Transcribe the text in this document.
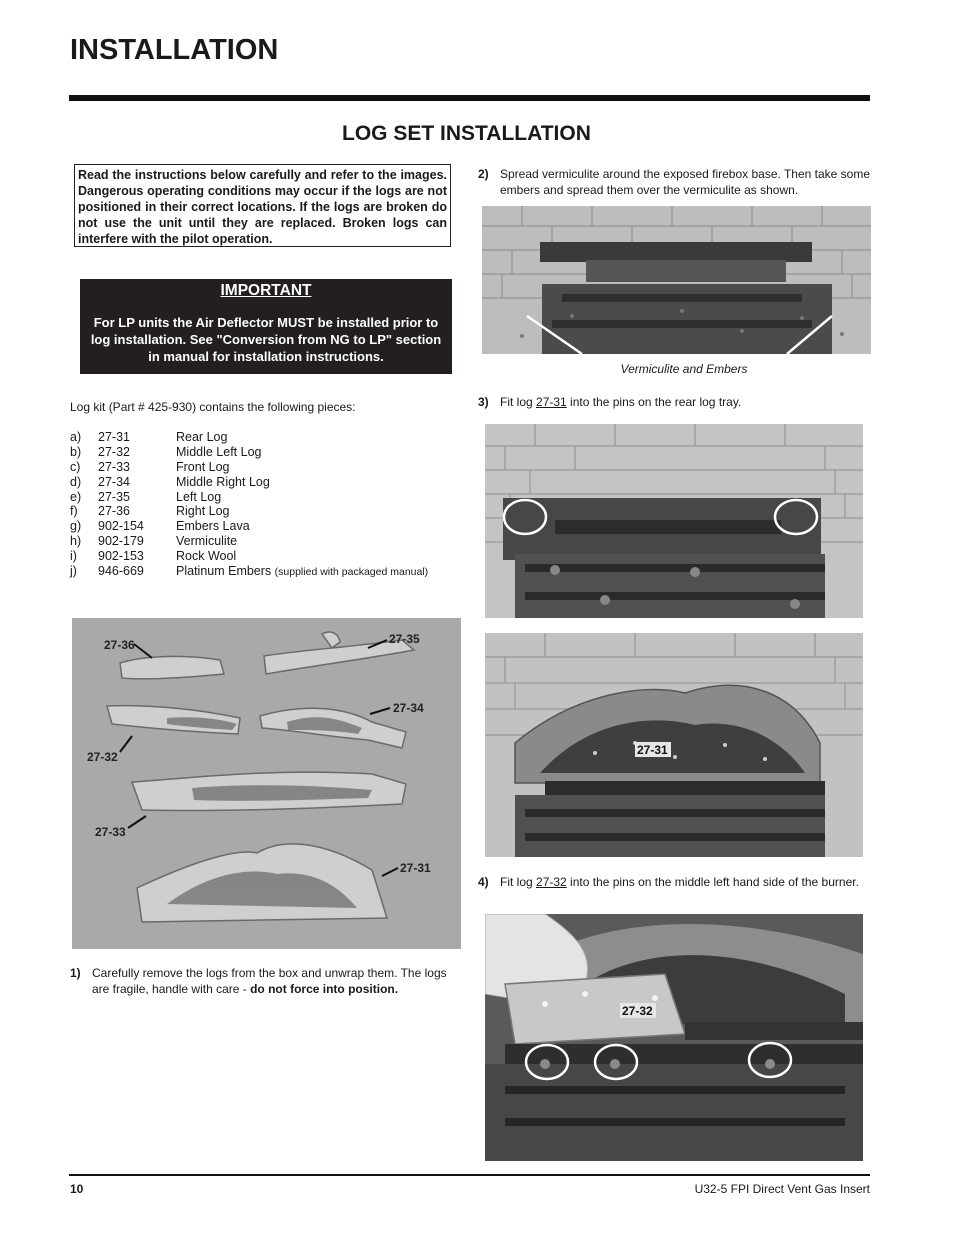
INSTALLATION
LOG SET INSTALLATION
Read the instructions below carefully and refer to the images. Dangerous operating conditions may occur if the logs are not positioned in their correct locations. If the logs are broken do not use the unit until they are replaced. Broken logs can interfere with the pilot operation.
IMPORTANT
For LP units the Air Deflector MUST be installed prior to log installation. See "Conversion from NG to LP" section in manual for installation instructions.
Log kit (Part # 425-930) contains the following pieces:
a) 27-31	Rear Log
b) 27-32	Middle Left Log
c) 27-33	Front Log
d) 27-34	Middle Right Log
e) 27-35	Left Log
f) 27-36	Right Log
g) 902-154	Embers Lava
h) 902-179	Vermiculite
i) 902-153	Rock Wool
j) 946-669	Platinum Embers (supplied with packaged manual)
27-36	27-35
27-34
27-32
27-33
27-31
1) Carefully remove the logs from the box and unwrap them. The logs are fragile, handle with care - do not force into position.
2) Spread vermiculite around the exposed firebox base. Then take some embers and spread them over the vermiculite as shown.
Vermiculite and Embers
3) Fit log 27-31 into the pins on the rear log tray.
27-31
4) Fit log 27-32 into the pins on the middle left hand side of the burner.
27-32
10	U32-5 FPI Direct Vent Gas Insert
